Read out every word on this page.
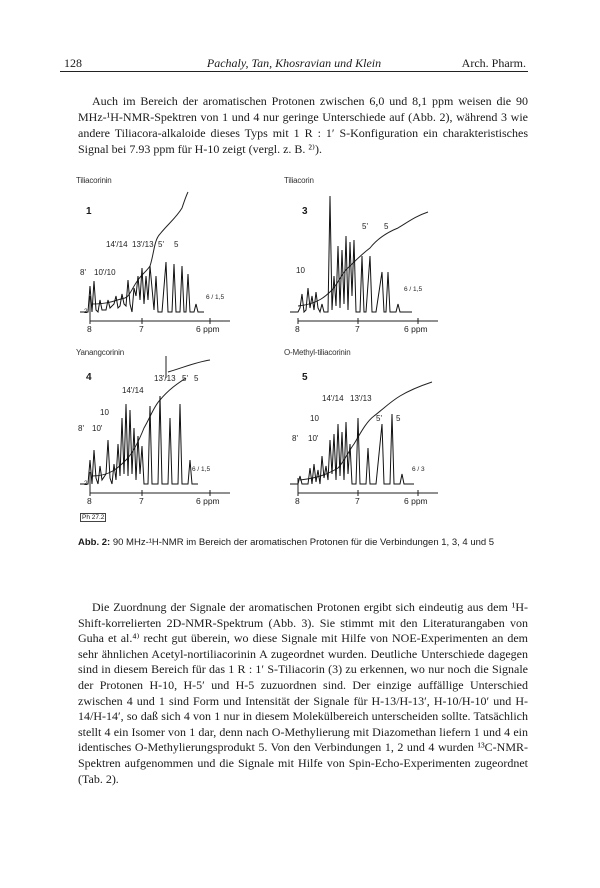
128	Pachaly, Tan, Khosravian und Klein	Arch. Pharm.

Auch im Bereich der aromatischen Protonen zwischen 6,0 und 8,1 ppm weisen die 90 MHz-¹H-NMR-Spektren von 1 und 4 nur geringe Unterschiede auf (Abb. 2), während 3 wie andere Tiliacora-alkaloide dieses Typs mit 1 R : 1′ S-Konfiguration ein charakteristisches Signal bei 7.93 ppm für H-10 zeigt (vergl. z. B. ²⁾).

Tiliacorinin
1
14'/14 13'/13 5' 5
8' 10'/10
6 / 1,5
2
8	7	6 ppm
Tiliacorin
3
5' 5
10
6 / 1,5
8	7	6 ppm
Yanangcorinin
4	13'/13 5' 5
14'/14
10
8' 10'
6 / 1,5
2
8	7	6 ppm
O-Methyl-tiliacorinin
5
14'/14 13'/13
10	5' 5
8' 10'
6 / 3
8	7	6 ppm
Ph 27.2
Abb. 2: 90 MHz-¹H-NMR im Bereich der aromatischen Protonen für die Verbindungen 1, 3, 4 und 5

Die Zuordnung der Signale der aromatischen Protonen ergibt sich eindeutig aus dem ¹H-Shift-korrelierten 2D-NMR-Spektrum (Abb. 3). Sie stimmt mit den Literaturangaben von Guha et al.⁴⁾ recht gut überein, wo diese Signale mit Hilfe von NOE-Experimenten an dem sehr ähnlichen Acetyl-nortiliacorinin A zugeordnet wurden. Deutliche Unterschiede dagegen sind in diesem Bereich für das 1 R : 1′ S-Tiliacorin (3) zu erkennen, wo nur noch die Signale der Protonen H-10, H-5′ und H-5 zuzuordnen sind. Der einzige auffällige Unterschied zwischen 4 und 1 sind Form und Intensität der Signale für H-13/H-13′, H-10/H-10′ und H-14/H-14′, so daß sich 4 von 1 nur in diesem Molekülbereich unterscheiden sollte. Tatsächlich stellt 4 ein Isomer von 1 dar, denn nach O-Methylierung mit Diazomethan liefern 1 und 4 ein identisches O-Methylierungsprodukt 5. Von den Verbindungen 1, 2 und 4 wurden ¹³C-NMR-Spektren aufgenommen und die Signale mit Hilfe von Spin-Echo-Experimenten zugeordnet (Tab. 2).
